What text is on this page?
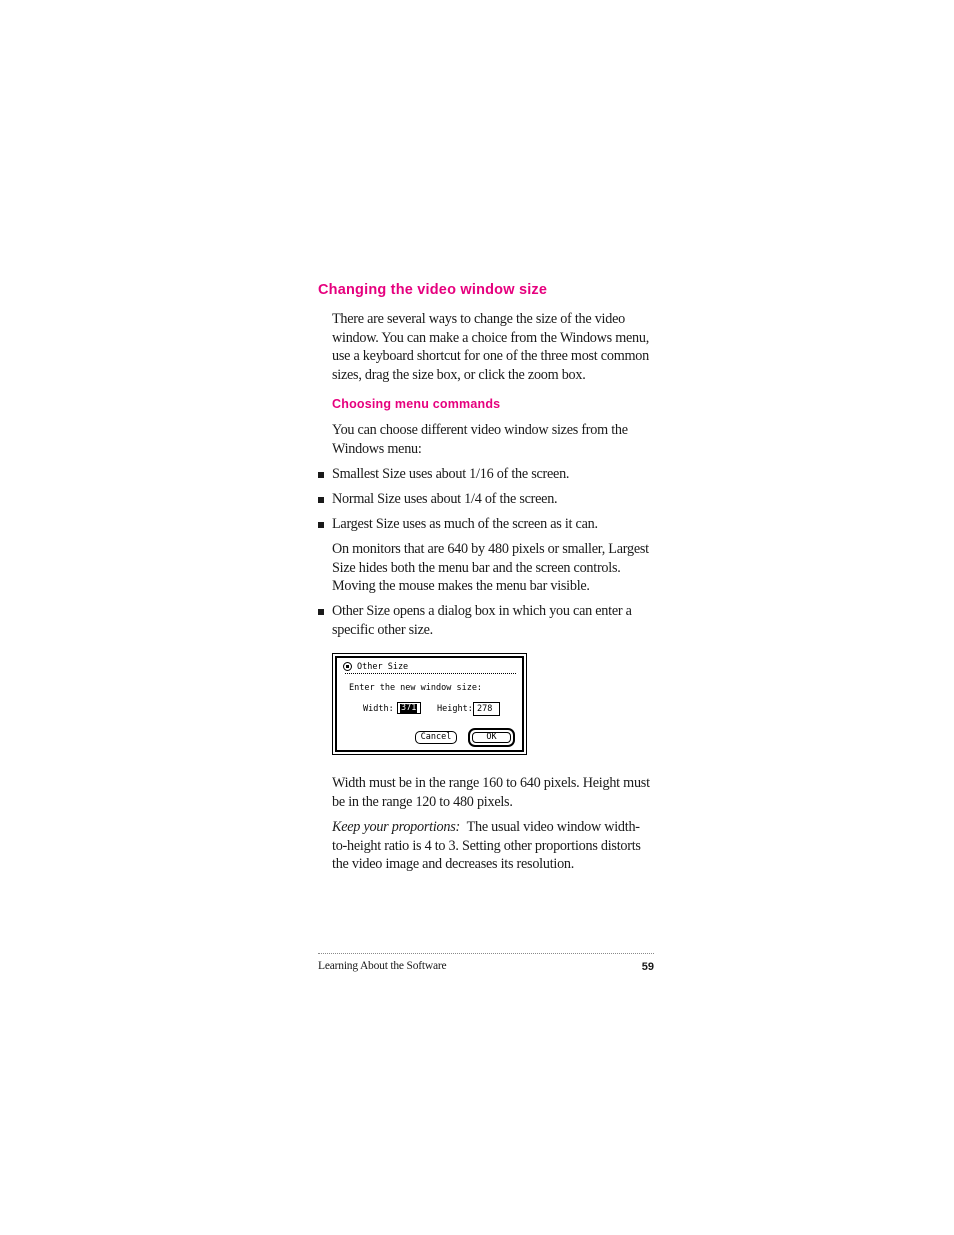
Changing the video window size
There are several ways to change the size of the video window. You can make a choice from the Windows menu, use a keyboard shortcut for one of the three most common sizes, drag the size box, or click the zoom box.
Choosing menu commands
You can choose different video window sizes from the Windows menu:
Smallest Size uses about 1/16 of the screen.
Normal Size uses about 1/4 of the screen.
Largest Size uses as much of the screen as it can.
On monitors that are 640 by 480 pixels or smaller, Largest Size hides both the menu bar and the screen controls. Moving the mouse makes the menu bar visible.
Other Size opens a dialog box in which you can enter a specific other size.
Other Size
Enter the new window size:
Width: 371 Height: 278
Cancel	OK
Width must be in the range 160 to 640 pixels. Height must be in the range 120 to 480 pixels.
Keep your proportions: The usual video window width-to-height ratio is 4 to 3. Setting other proportions distorts the video image and decreases its resolution.
Learning About the Software	59
